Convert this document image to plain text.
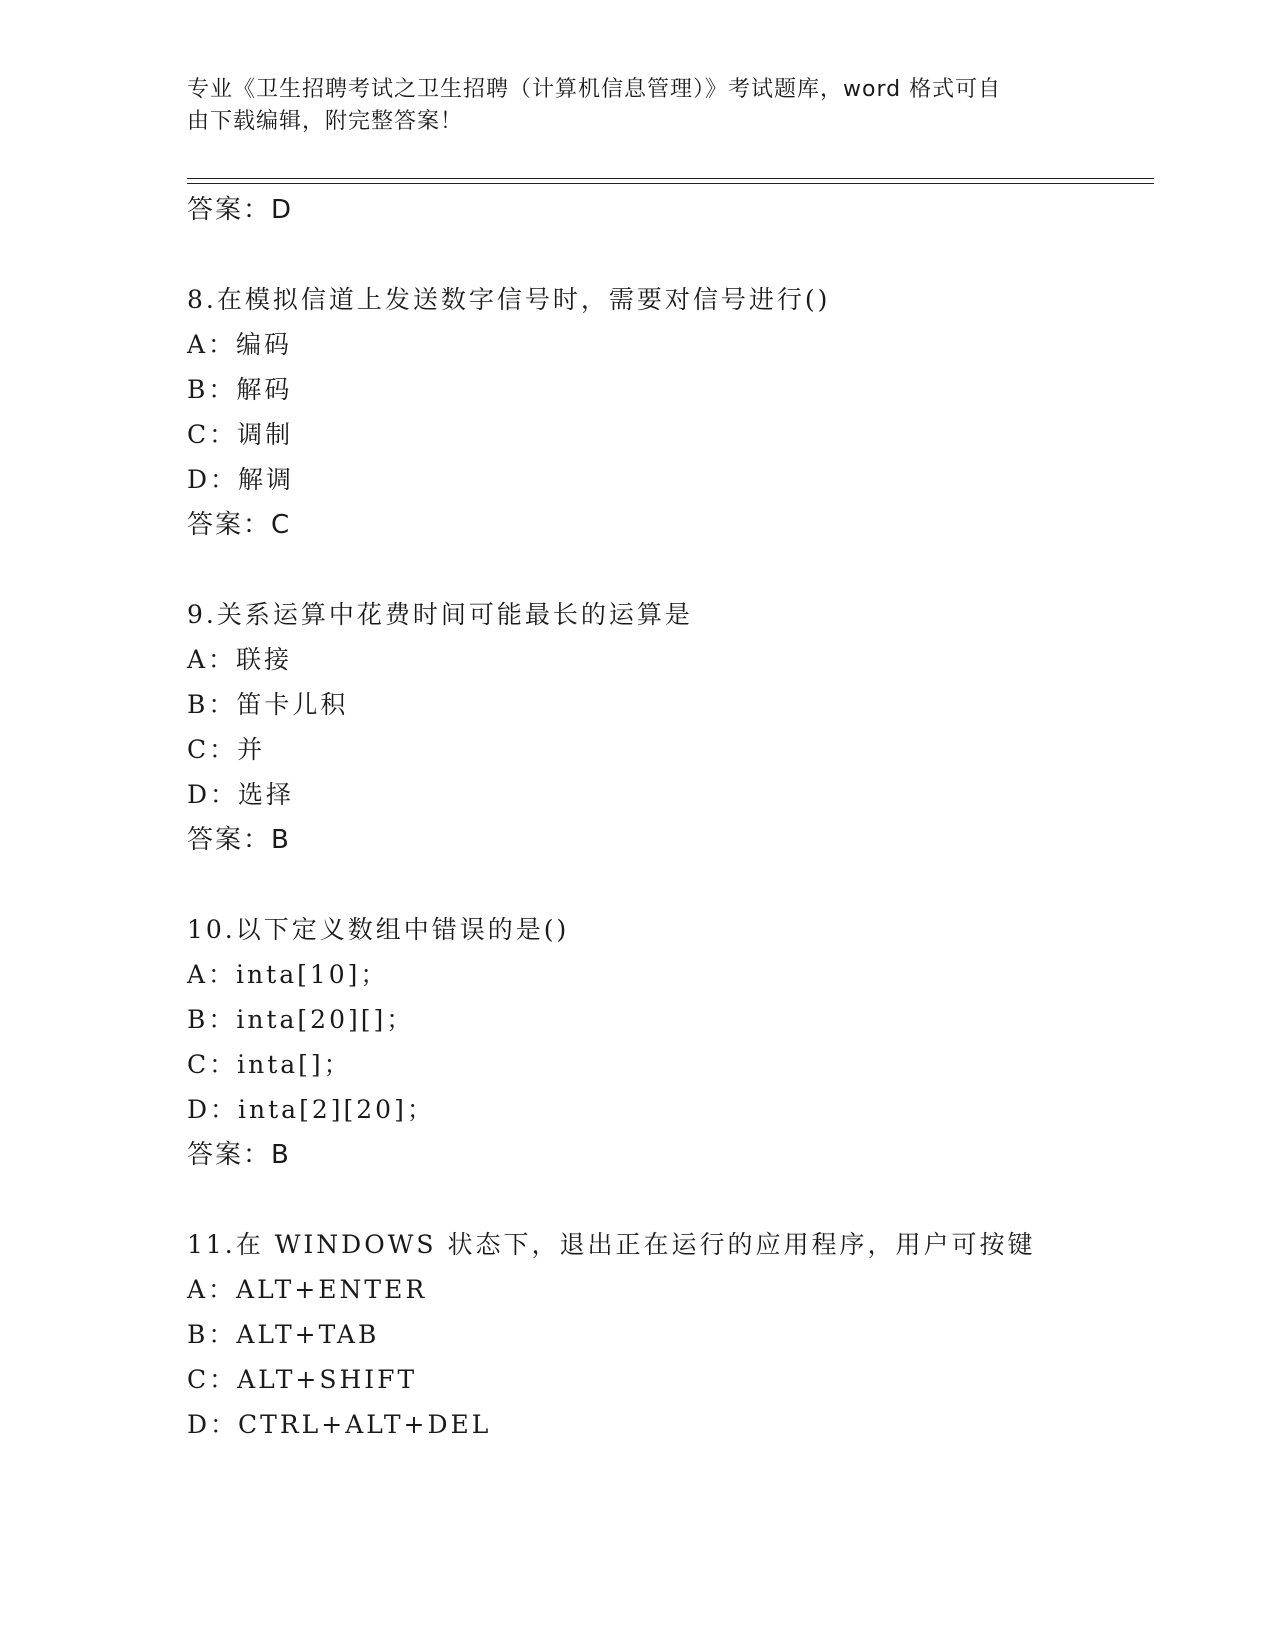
专业《卫生招聘考试之卫生招聘（计算机信息管理）》考试题库，word 格式可自
由下载编辑，附完整答案！
答案：D
8.在模拟信道上发送数字信号时，需要对信号进行()
A：编码
B：解码
C：调制
D：解调
答案：C
9.关系运算中花费时间可能最长的运算是
A：联接
B：笛卡儿积
C：并
D：选择
答案：B
10.以下定义数组中错误的是()
A：inta[10]；
B：inta[20][]；
C：inta[]；
D：inta[2][20]；
答案：B
11.在 WINDOWS 状态下，退出正在运行的应用程序，用户可按键
A：ALT+ENTER
B：ALT+TAB
C：ALT+SHIFT
D：CTRL+ALT+DEL
